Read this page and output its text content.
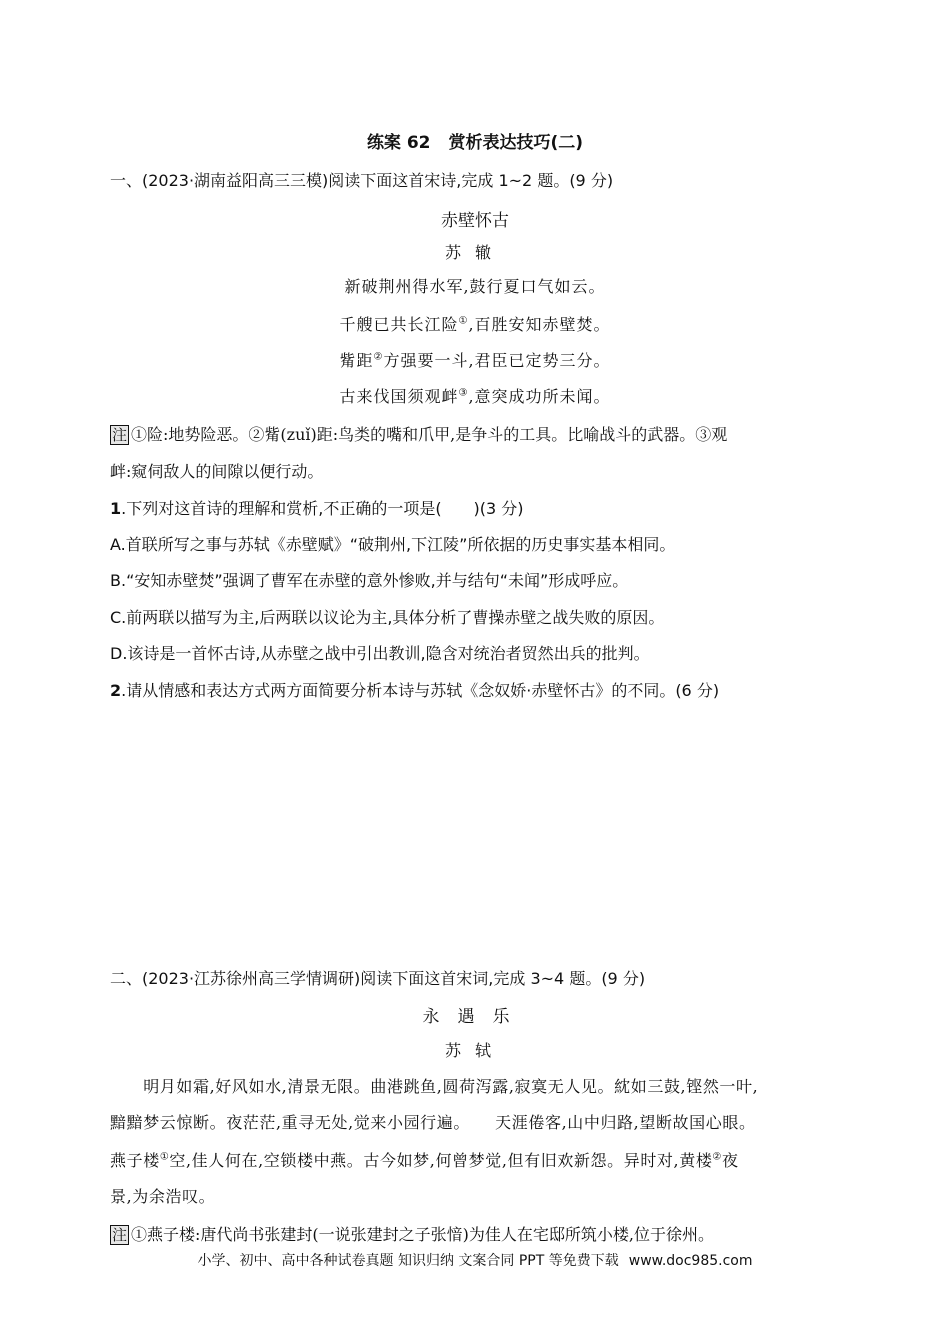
练案 62 赏析表达技巧(二)
一、(2023·湖南益阳高三三模)阅读下面这首宋诗,完成 1~2 题。(9 分)
赤壁怀古
苏辙
新破荆州得水军,鼓行夏口气如云。
千艘已共长江险①,百胜安知赤壁焚。
觜距②方强要一斗,君臣已定势三分。
古来伐国须观衅③,意突成功所未闻。
注 ①险:地势险恶。②觜(zuǐ)距:鸟类的嘴和爪甲,是争斗的工具。比喻战斗的武器。③观
衅:窥伺敌人的间隙以便行动。
1.下列对这首诗的理解和赏析,不正确的一项是(　　)(3 分)
A.首联所写之事与苏轼《赤壁赋》“破荆州,下江陵”所依据的历史事实基本相同。
B.“安知赤壁焚”强调了曹军在赤壁的意外惨败,并与结句“未闻”形成呼应。
C.前两联以描写为主,后两联以议论为主,具体分析了曹操赤壁之战失败的原因。
D.该诗是一首怀古诗,从赤壁之战中引出教训,隐含对统治者贸然出兵的批判。
2.请从情感和表达方式两方面简要分析本诗与苏轼《念奴娇·赤壁怀古》的不同。(6 分)
二、(2023·江苏徐州高三学情调研)阅读下面这首宋词,完成 3~4 题。(9 分)
永遇乐
苏轼
　　明月如霜,好风如水,清景无限。曲港跳鱼,圆荷泻露,寂寞无人见。紞如三鼓,铿然一叶,
黯黯梦云惊断。夜茫茫,重寻无处,觉来小园行遍。　　天涯倦客,山中归路,望断故国心眼。
燕子楼①空,佳人何在,空锁楼中燕。古今如梦,何曾梦觉,但有旧欢新怨。异时对,黄楼②夜
景,为余浩叹。
注 ①燕子楼:唐代尚书张建封(一说张建封之子张愔)为佳人在宅邸所筑小楼,位于徐州。
小学、初中、高中各种试卷真题 知识归纳 文案合同 PPT 等免费下载 www.doc985.com
